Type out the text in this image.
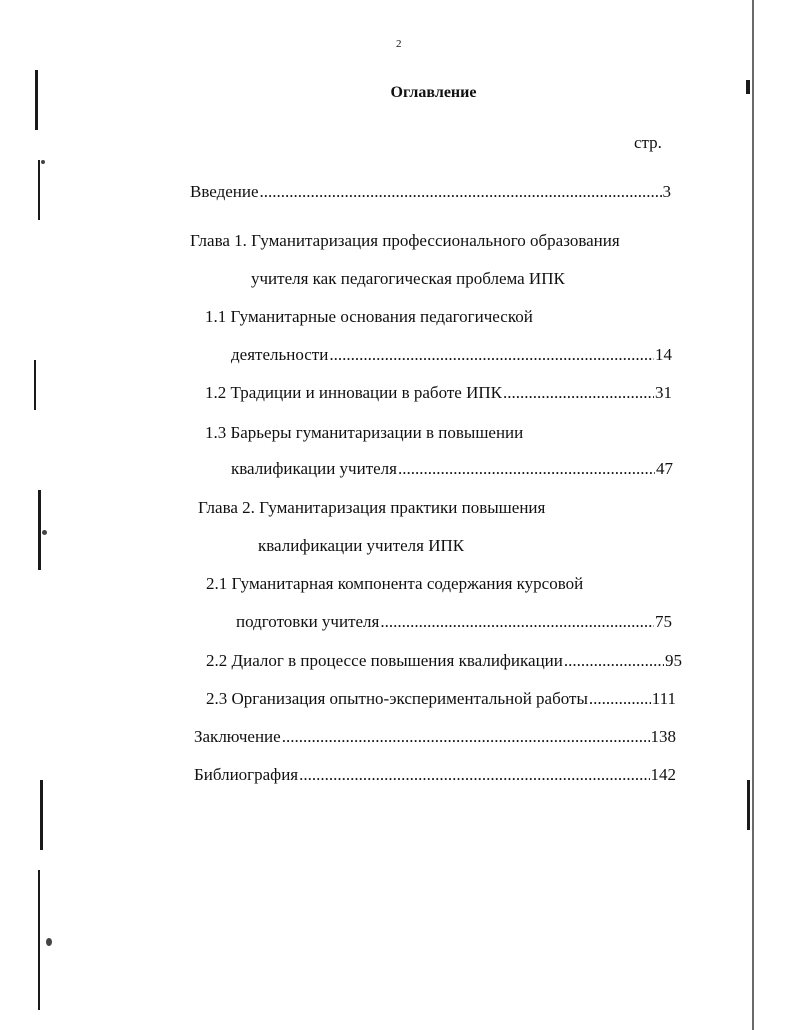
2
Оглавление
стр.
Введение .....	3
Глава 1. Гуманитаризация профессионального образования
учителя как педагогическая проблема ИПК
1.1 Гуманитарные основания педагогической
деятельности .....	14
1.2 Традиции и инновации в работе ИПК .....	31
1.3 Барьеры гуманитаризации в повышении
квалификации учителя .....	47
Глава 2. Гуманитаризация практики повышения
квалификации учителя ИПК
2.1 Гуманитарная компонента содержания курсовой
подготовки учителя .....	75
2.2 Диалог в процессе повышения квалификации .....	95
2.3 Организация опытно-экспериментальной работы .....	111
Заключение .....	138
Библиография .....	142
